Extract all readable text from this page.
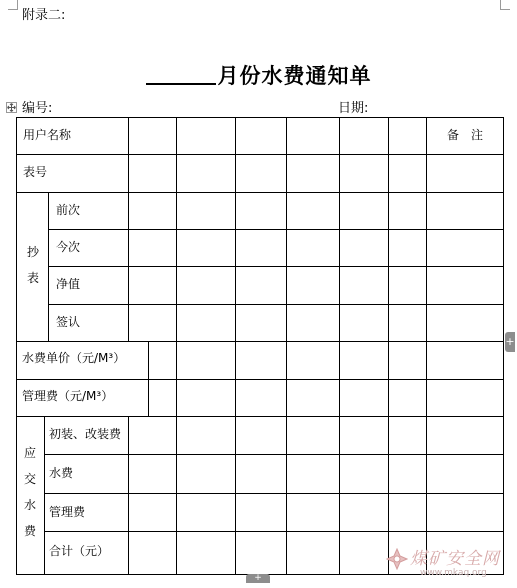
附录二:
月份水费通知单
编号:	日期:
用户名称	备　注
表号
抄表
前次
今次
净值
签认
水费单价（元/M³）
管理费（元/M³）
应交水费
初装、改装费
水费
管理费
合计（元）
+
+
煤矿安全网
www.mkaq.org
